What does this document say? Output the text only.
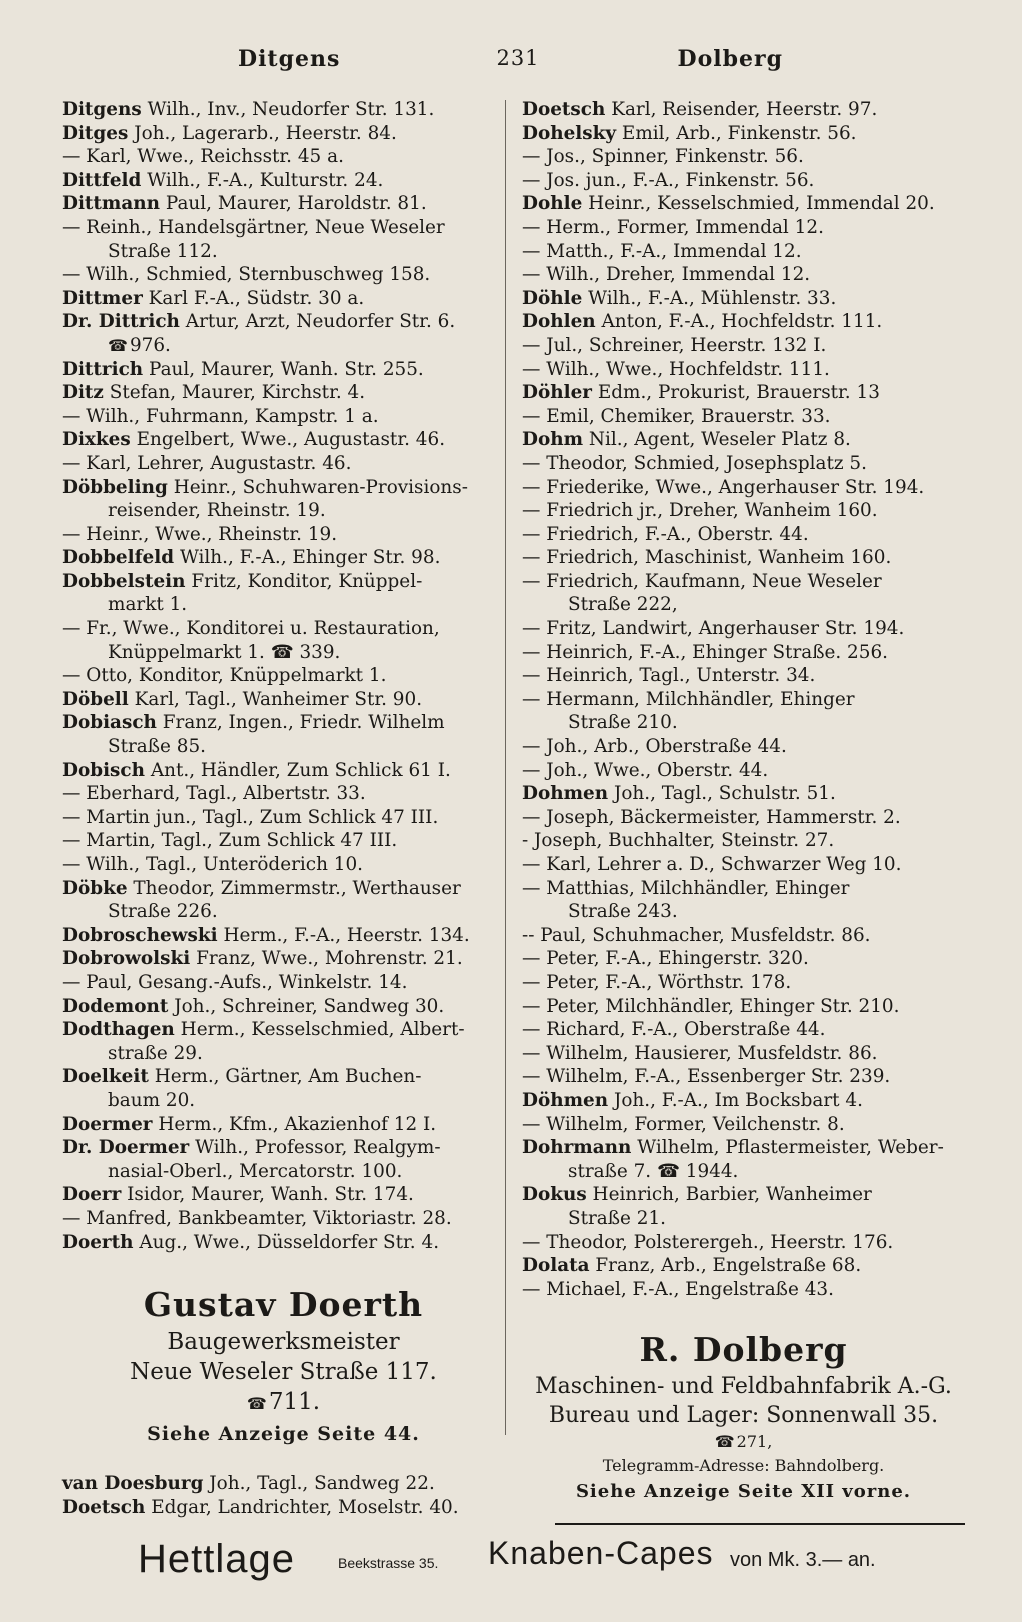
Ditgens	231	Dolberg
Ditgens Wilh., Inv., Neudorfer Str. 131.
Ditges Joh., Lagerarb., Heerstr. 84.
— Karl, Wwe., Reichsstr. 45 a.
Dittfeld Wilh., F.-A., Kulturstr. 24.
Dittmann Paul, Maurer, Haroldstr. 81.
— Reinh., Handelsgärtner, Neue Weseler
Straße 112.
— Wilh., Schmied, Sternbuschweg 158.
Dittmer Karl F.-A., Südstr. 30 a.
Dr. Dittrich Artur, Arzt, Neudorfer Str. 6.
☎ 976.
Dittrich Paul, Maurer, Wanh. Str. 255.
Ditz Stefan, Maurer, Kirchstr. 4.
— Wilh., Fuhrmann, Kampstr. 1 a.
Dixkes Engelbert, Wwe., Augustastr. 46.
— Karl, Lehrer, Augustastr. 46.
Döbbeling Heinr., Schuhwaren-Provisions-
reisender, Rheinstr. 19.
— Heinr., Wwe., Rheinstr. 19.
Dobbelfeld Wilh., F.-A., Ehinger Str. 98.
Dobbelstein Fritz, Konditor, Knüppel-
markt 1.
— Fr., Wwe., Konditorei u. Restauration,
Knüppelmarkt 1. ☎ 339.
— Otto, Konditor, Knüppelmarkt 1.
Döbell Karl, Tagl., Wanheimer Str. 90.
Dobiasch Franz, Ingen., Friedr. Wilhelm
Straße 85.
Dobisch Ant., Händler, Zum Schlick 61 I.
— Eberhard, Tagl., Albertstr. 33.
— Martin jun., Tagl., Zum Schlick 47 III.
— Martin, Tagl., Zum Schlick 47 III.
— Wilh., Tagl., Unteröderich 10.
Döbke Theodor, Zimmermstr., Werthauser
Straße 226.
Dobroschewski Herm., F.-A., Heerstr. 134.
Dobrowolski Franz, Wwe., Mohrenstr. 21.
— Paul, Gesang.-Aufs., Winkelstr. 14.
Dodemont Joh., Schreiner, Sandweg 30.
Dodthagen Herm., Kesselschmied, Albert-
straße 29.
Doelkeit Herm., Gärtner, Am Buchen-
baum 20.
Doermer Herm., Kfm., Akazienhof 12 I.
Dr. Doermer Wilh., Professor, Realgym-
nasial-Oberl., Mercatorstr. 100.
Doerr Isidor, Maurer, Wanh. Str. 174.
— Manfred, Bankbeamter, Viktoriastr. 28.
Doerth Aug., Wwe., Düsseldorfer Str. 4.
Doetsch Karl, Reisender, Heerstr. 97.
Dohelsky Emil, Arb., Finkenstr. 56.
— Jos., Spinner, Finkenstr. 56.
— Jos. jun., F.-A., Finkenstr. 56.
Dohle Heinr., Kesselschmied, Immendal 20.
— Herm., Former, Immendal 12.
— Matth., F.-A., Immendal 12.
— Wilh., Dreher, Immendal 12.
Döhle Wilh., F.-A., Mühlenstr. 33.
Dohlen Anton, F.-A., Hochfeldstr. 111.
— Jul., Schreiner, Heerstr. 132 I.
— Wilh., Wwe., Hochfeldstr. 111.
Döhler Edm., Prokurist, Brauerstr. 13
— Emil, Chemiker, Brauerstr. 33.
Dohm Nil., Agent, Weseler Platz 8.
— Theodor, Schmied, Josephsplatz 5.
— Friederike, Wwe., Angerhauser Str. 194.
— Friedrich jr., Dreher, Wanheim 160.
— Friedrich, F.-A., Oberstr. 44.
— Friedrich, Maschinist, Wanheim 160.
— Friedrich, Kaufmann, Neue Weseler
Straße 222,
— Fritz, Landwirt, Angerhauser Str. 194.
— Heinrich, F.-A., Ehinger Straße. 256.
— Heinrich, Tagl., Unterstr. 34.
— Hermann, Milchhändler, Ehinger
Straße 210.
— Joh., Arb., Oberstraße 44.
— Joh., Wwe., Oberstr. 44.
Dohmen Joh., Tagl., Schulstr. 51.
— Joseph, Bäckermeister, Hammerstr. 2.
- Joseph, Buchhalter, Steinstr. 27.
— Karl, Lehrer a. D., Schwarzer Weg 10.
— Matthias, Milchhändler, Ehinger
Straße 243.
-- Paul, Schuhmacher, Musfeldstr. 86.
— Peter, F.-A., Ehingerstr. 320.
— Peter, F.-A., Wörthstr. 178.
— Peter, Milchhändler, Ehinger Str. 210.
— Richard, F.-A., Oberstraße 44.
— Wilhelm, Hausierer, Musfeldstr. 86.
— Wilhelm, F.-A., Essenberger Str. 239.
Döhmen Joh., F.-A., Im Bocksbart 4.
— Wilhelm, Former, Veilchenstr. 8.
Dohrmann Wilhelm, Pflastermeister, Weber-
straße 7. ☎ 1944.
Dokus Heinrich, Barbier, Wanheimer
Straße 21.
— Theodor, Polsterergeh., Heerstr. 176.
Dolata Franz, Arb., Engelstraße 68.
— Michael, F.-A., Engelstraße 43.
Gustav Doerth
Baugewerksmeister
Neue Weseler Straße 117.
☎ 711.
Siehe Anzeige Seite 44.
van Doesburg Joh., Tagl., Sandweg 22.
Doetsch Edgar, Landrichter, Moselstr. 40.
R. Dolberg
Maschinen- und Feldbahnfabrik A.-G.
Bureau und Lager: Sonnenwall 35.
☎ 271,
Telegramm-Adresse: Bahndolberg.
Siehe Anzeige Seite XII vorne.
Hettlage	Beekstrasse 35. Knaben-Capes von Mk. 3.— an.
